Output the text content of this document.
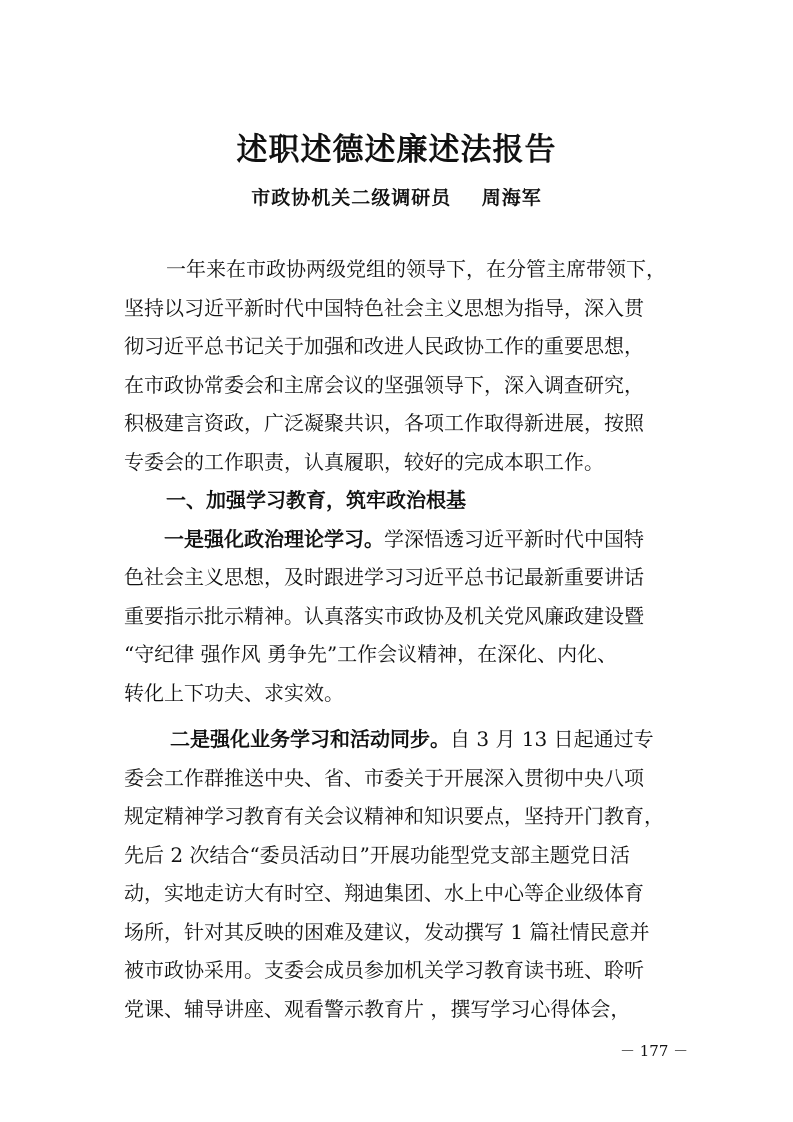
述职述德述廉述法报告
市政协机关二级调研员    周海军
一年来在市政协两级党组的领导下，在分管主席带领下，
坚持以习近平新时代中国特色社会主义思想为指导，深入贯
彻习近平总书记关于加强和改进人民政协工作的重要思想，
在市政协常委会和主席会议的坚强领导下，深入调查研究，
积极建言资政，广泛凝聚共识，各项工作取得新进展，按照
专委会的工作职责，认真履职，较好的完成本职工作。
一、加强学习教育，筑牢政治根基
一是强化政治理论学习。学深悟透习近平新时代中国特
色社会主义思想，及时跟进学习习近平总书记最新重要讲话
重要指示批示精神。认真落实市政协及机关党风廉政建设暨
“守纪律 强作风 勇争先”工作会议精神，在深化、内化、
转化上下功夫、求实效。
二是强化业务学习和活动同步。自 3 月 13 日起通过专
委会工作群推送中央、省、市委关于开展深入贯彻中央八项
规定精神学习教育有关会议精神和知识要点，坚持开门教育，
先后 2 次结合“委员活动日”开展功能型党支部主题党日活
动，实地走访大有时空、翔迪集团、水上中心等企业级体育
场所，针对其反映的困难及建议，发动撰写 1 篇社情民意并
被市政协采用。支委会成员参加机关学习教育读书班、聆听
党课、辅导讲座、观看警示教育片 ，撰写学习心得体会，
－ 177 －
